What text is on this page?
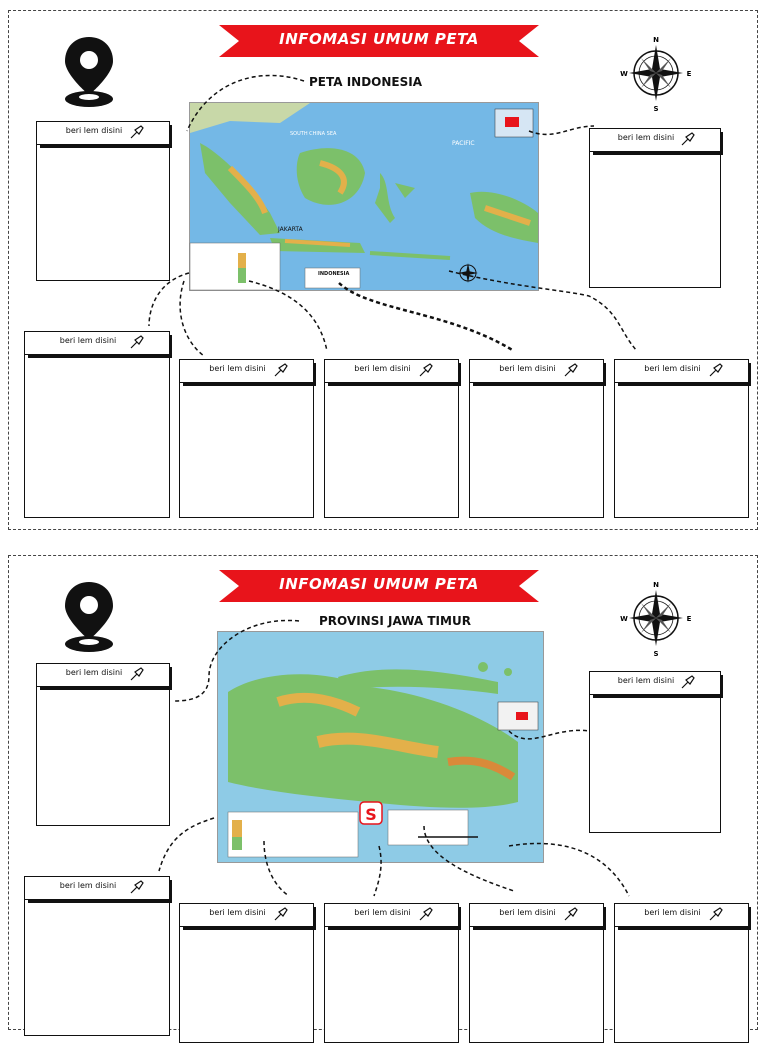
INFOMASI UMUM PETA
PETA INDONESIA
N
S
W	E
SOUTH CHINA SEA
PACIFIC
JAKARTA
INDONESIA
beri lem disini
beri lem disini
beri lem disini
beri lem disini	beri lem disini	beri lem disini	beri lem disini
INFOMASI UMUM PETA
PROVINSI JAWA TIMUR
N
S
W	E
S
beri lem disini
beri lem disini
beri lem disini
beri lem disini	beri lem disini	beri lem disini	beri lem disini
